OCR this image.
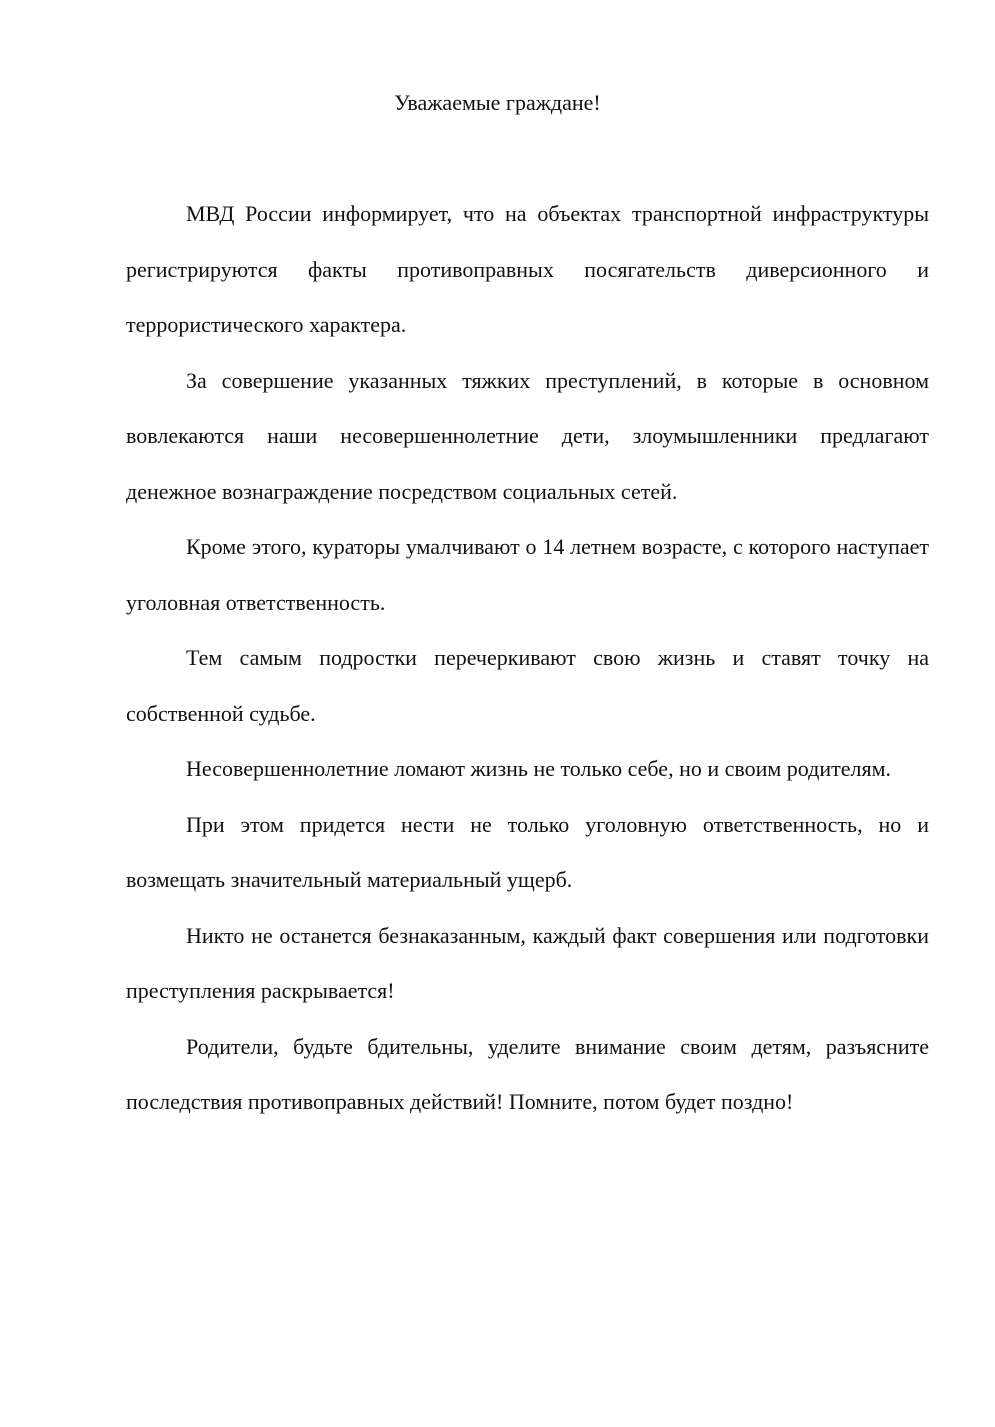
Уважаемые граждане!

МВД России информирует, что на объектах транспортной инфраструктуры регистрируются факты противоправных посягательств диверсионного и террористического характера.

За совершение указанных тяжких преступлений, в которые в основном вовлекаются наши несовершеннолетние дети, злоумышленники предлагают денежное вознаграждение посредством социальных сетей.

Кроме этого, кураторы умалчивают о 14 летнем возрасте, с которого наступает уголовная ответственность.

Тем самым подростки перечеркивают свою жизнь и ставят точку на собственной судьбе.

Несовершеннолетние ломают жизнь не только себе, но и своим родителям.

При этом придется нести не только уголовную ответственность, но и возмещать значительный материальный ущерб.

Никто не останется безнаказанным, каждый факт совершения или подготовки преступления раскрывается!

Родители, будьте бдительны, уделите внимание своим детям, разъясните последствия противоправных действий! Помните, потом будет поздно!
